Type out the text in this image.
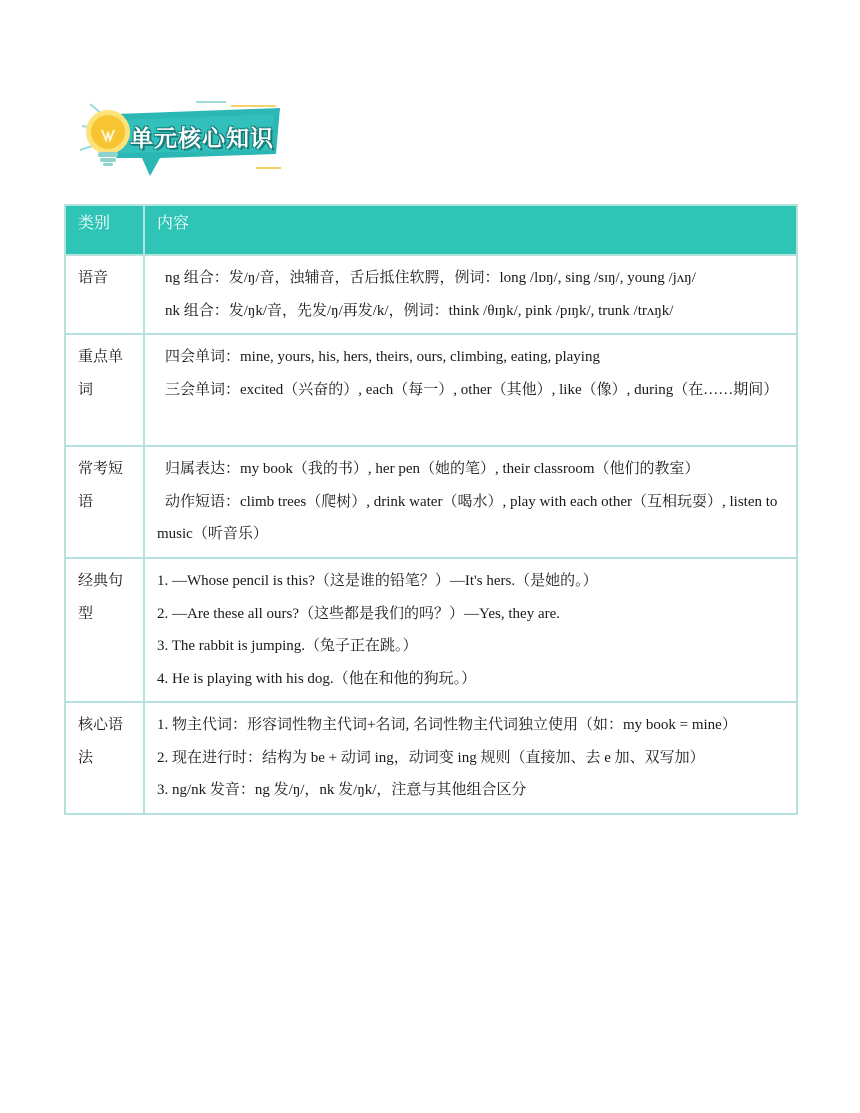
单元核心知识
类别	内容
语音	ng 组合：发/ŋ/音，浊辅音，舌后抵住软腭，例词：long /lɒŋ/, sing /sɪŋ/, young /jʌŋ/
nk 组合：发/ŋk/音，先发/ŋ/再发/k/，例词：think /θɪŋk/, pink /pɪŋk/, trunk /trʌŋk/

重点单词	四会单词：mine, yours, his, hers, theirs, ours, climbing, eating, playing
三会单词：excited（兴奋的）, each（每一）, other（其他）, like（像）, during（在……期间）

常考短语	归属表达：my book（我的书）, her pen（她的笔）, their classroom（他们的教室）
动作短语：climb trees（爬树）, drink water（喝水）, play with each other（互相玩耍）, listen to music（听音乐）

经典句型	1. —Whose pencil is this?（这是谁的铅笔？）—It's hers.（是她的。）
2. —Are these all ours?（这些都是我们的吗？）—Yes, they are.
3. The rabbit is jumping.（兔子正在跳。）
4. He is playing with his dog.（他在和他的狗玩。）

核心语法	1. 物主代词：形容词性物主代词+名词, 名词性物主代词独立使用（如：my book = mine）
2. 现在进行时：结构为 be + 动词 ing，动词变 ing 规则（直接加、去 e 加、双写加）
3. ng/nk 发音：ng 发/ŋ/，nk 发/ŋk/，注意与其他组合区分
